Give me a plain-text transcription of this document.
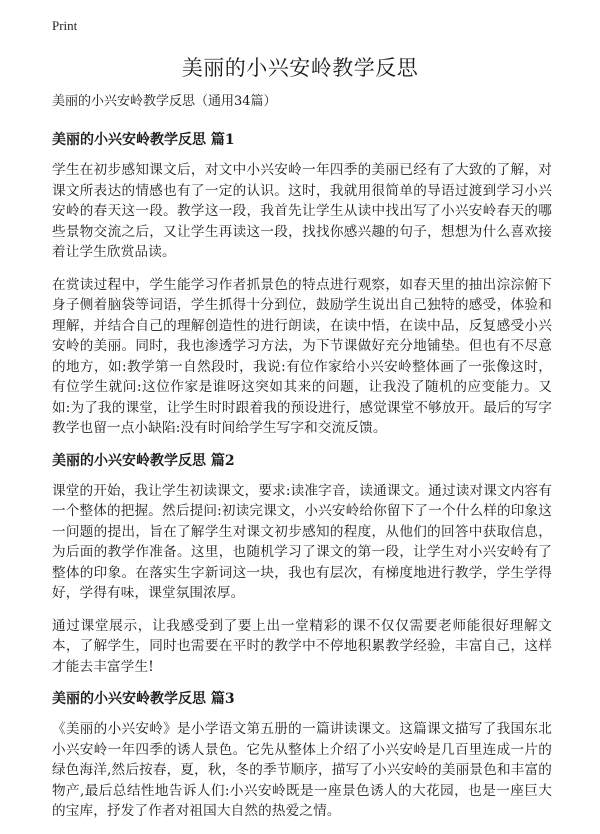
Print
美丽的小兴安岭教学反思

美丽的小兴安岭教学反思（通用34篇）

美丽的小兴安岭教学反思 篇1

学生在初步感知课文后，对文中小兴安岭一年四季的美丽已经有了大致的了解，对课文所表达的情感也有了一定的认识。这时，我就用很简单的导语过渡到学习小兴安岭的春天这一段。教学这一段，我首先让学生从读中找出写了小兴安岭春天的哪些景物交流之后，又让学生再读这一段，找找你感兴趣的句子，想想为什么喜欢接着让学生欣赏品读。

在赏读过程中，学生能学习作者抓景色的特点进行观察，如春天里的抽出淙淙俯下身子侧着脑袋等词语，学生抓得十分到位，鼓励学生说出自己独特的感受，体验和理解，并结合自己的理解创造性的进行朗读，在读中悟，在读中品，反复感受小兴安岭的美丽。同时，我也渗透学习方法，为下节课做好充分地铺垫。但也有不尽意的地方，如:教学第一自然段时，我说:有位作家给小兴安岭整体画了一张像这时，有位学生就问:这位作家是谁呀这突如其来的问题，让我没了随机的应变能力。又如:为了我的课堂，让学生时时跟着我的预设进行，感觉课堂不够放开。最后的写字教学也留一点小缺陷:没有时间给学生写字和交流反馈。

美丽的小兴安岭教学反思 篇2

课堂的开始，我让学生初读课文，要求:读准字音，读通课文。通过读对课文内容有一个整体的把握。然后提问:初读完课文，小兴安岭给你留下了一个什么样的印象这一问题的提出，旨在了解学生对课文初步感知的程度，从他们的回答中获取信息，为后面的教学作准备。这里，也随机学习了课文的第一段，让学生对小兴安岭有了整体的印象。在落实生字新词这一块，我也有层次，有梯度地进行教学，学生学得好，学得有味，课堂氛围浓厚。

通过课堂展示，让我感受到了要上出一堂精彩的课不仅仅需要老师能很好理解文本，了解学生，同时也需要在平时的教学中不停地积累教学经验，丰富自己，这样才能去丰富学生!

美丽的小兴安岭教学反思 篇3

《美丽的小兴安岭》是小学语文第五册的一篇讲读课文。这篇课文描写了我国东北小兴安岭一年四季的诱人景色。它先从整体上介绍了小兴安岭是几百里连成一片的绿色海洋,然后按春，夏，秋，冬的季节顺序，描写了小兴安岭的美丽景色和丰富的物产,最后总结性地告诉人们:小兴安岭既是一座景色诱人的大花园，也是一座巨大的宝库，抒发了作者对祖国大自然的热爱之情。
